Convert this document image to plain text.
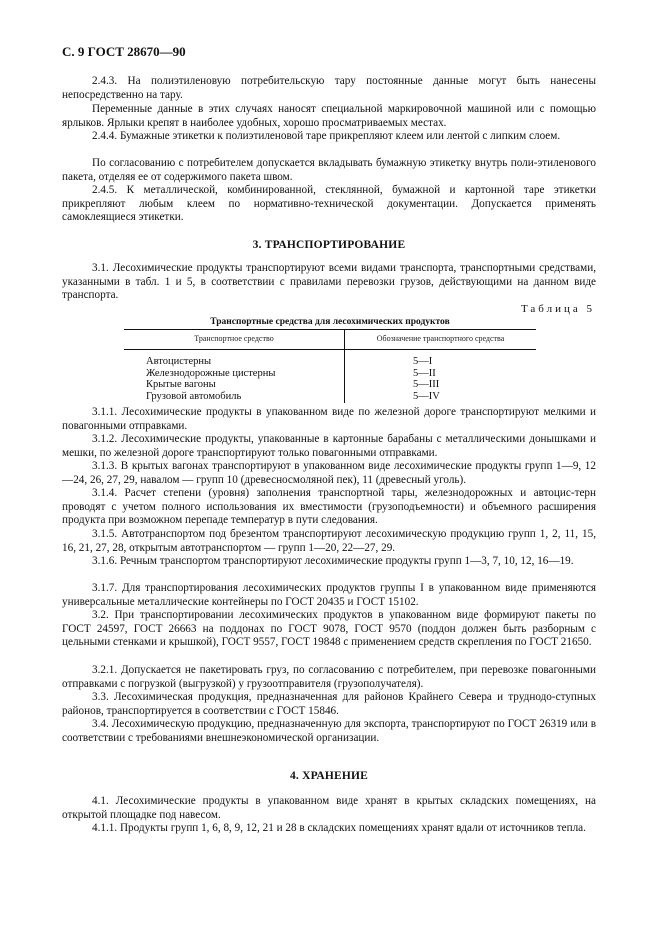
С. 9 ГОСТ 28670—90
2.4.3. На полиэтиленовую потребительскую тару постоянные данные могут быть нанесены непосредственно на тару.
Переменные данные в этих случаях наносят специальной маркировочной машиной или с помощью ярлыков. Ярлыки крепят в наиболее удобных, хорошо просматриваемых местах.
2.4.4. Бумажные этикетки к полиэтиленовой таре прикрепляют клеем или лентой с липким слоем.
По согласованию с потребителем допускается вкладывать бумажную этикетку внутрь поли-этиленового пакета, отделяя ее от содержимого пакета швом.
2.4.5. К металлической, комбинированной, стеклянной, бумажной и картонной таре этикетки прикрепляют любым клеем по нормативно-технической документации. Допускается применять самоклеящиеся этикетки.
3. ТРАНСПОРТИРОВАНИЕ
3.1. Лесохимические продукты транспортируют всеми видами транспорта, транспортными средствами, указанными в табл. 1 и 5, в соответствии с правилами перевозки грузов, действующими на данном виде транспорта.
Таблица 5
Транспортные средства для лесохимических продуктов
Транспортное средство	Обозначение транспортного средства
Автоцистерны	5—I
Железнодорожные цистерны	5—II
Крытые вагоны	5—III
Грузовой автомобиль	5—IV
3.1.1. Лесохимические продукты в упакованном виде по железной дороге транспортируют мелкими и повагонными отправками.
3.1.2. Лесохимические продукты, упакованные в картонные барабаны с металлическими донышками и мешки, по железной дороге транспортируют только повагонными отправками.
3.1.3. В крытых вагонах транспортируют в упакованном виде лесохимические продукты групп 1—9, 12—24, 26, 27, 29, навалом — групп 10 (древесносмоляной пек), 11 (древесный уголь).
3.1.4. Расчет степени (уровня) заполнения транспортной тары, железнодорожных и автоцис-терн проводят с учетом полного использования их вместимости (грузоподъемности) и объемного расширения продукта при возможном перепаде температур в пути следования.
3.1.5. Автотранспортом под брезентом транспортируют лесохимическую продукцию групп 1, 2, 11, 15, 16, 21, 27, 28, открытым автотранспортом — групп 1—20, 22—27, 29.
3.1.6. Речным транспортом транспортируют лесохимические продукты групп 1—3, 7, 10, 12, 16—19.
3.1.7. Для транспортирования лесохимических продуктов группы I в упакованном виде применяются универсальные металлические контейнеры по ГОСТ 20435 и ГОСТ 15102.
3.2. При транспортировании лесохимических продуктов в упакованном виде формируют пакеты по ГОСТ 24597, ГОСТ 26663 на поддонах по ГОСТ 9078, ГОСТ 9570 (поддон должен быть разборным с цельными стенками и крышкой), ГОСТ 9557, ГОСТ 19848 с применением средств скрепления по ГОСТ 21650.
3.2.1. Допускается не пакетировать груз, по согласованию с потребителем, при перевозке повагонными отправками с погрузкой (выгрузкой) у грузоотправителя (грузополучателя).
3.3. Лесохимическая продукция, предназначенная для районов Крайнего Севера и труднодо-ступных районов, транспортируется в соответствии с ГОСТ 15846.
3.4. Лесохимическую продукцию, предназначенную для экспорта, транспортируют по ГОСТ 26319 или в соответствии с требованиями внешнеэкономической организации.
4. ХРАНЕНИЕ
4.1. Лесохимические продукты в упакованном виде хранят в крытых складских помещениях, на открытой площадке под навесом.
4.1.1. Продукты групп 1, 6, 8, 9, 12, 21 и 28 в складских помещениях хранят вдали от источников тепла.
